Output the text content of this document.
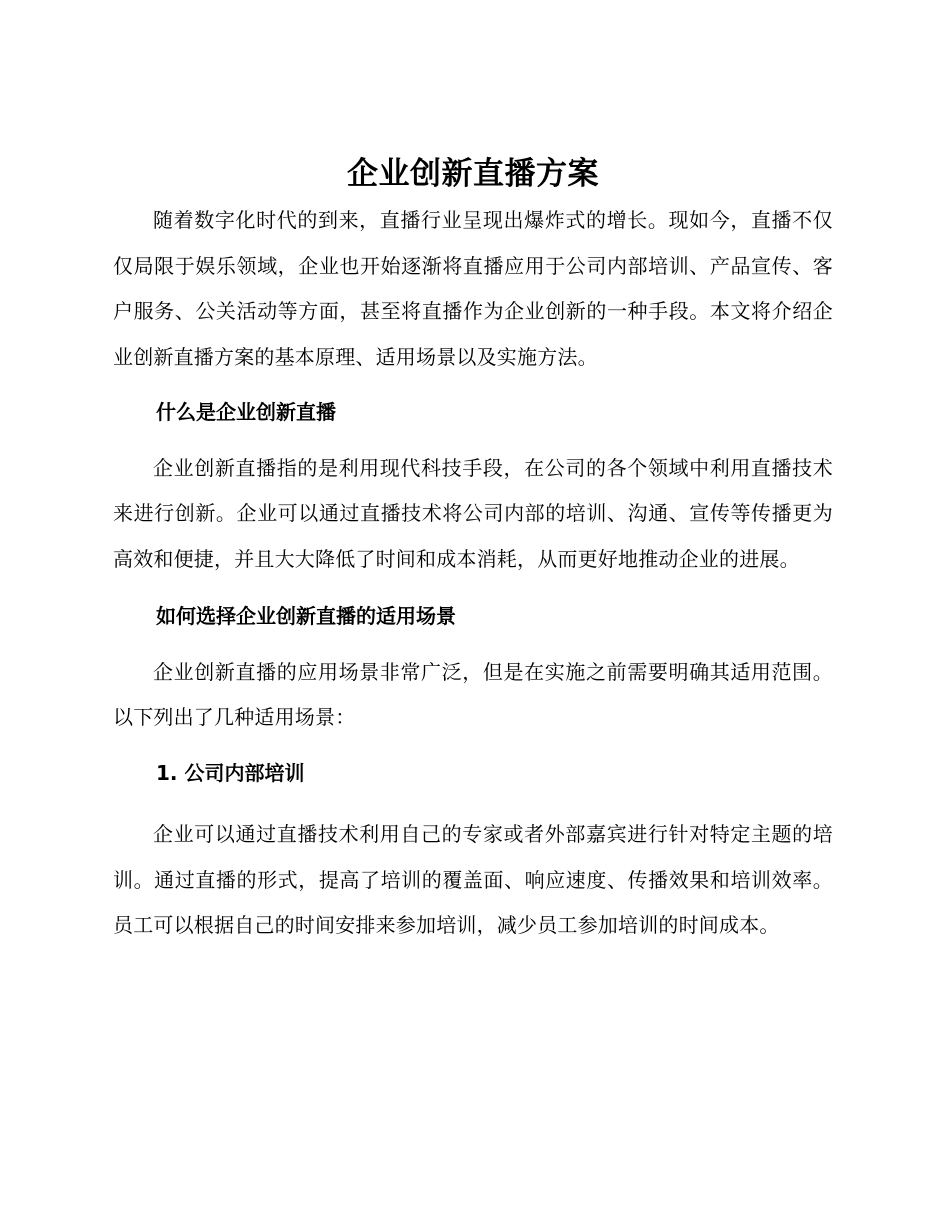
企业创新直播方案

随着数字化时代的到来，直播行业呈现出爆炸式的增长。现如今，直播不仅仅局限于娱乐领域，企业也开始逐渐将直播应用于公司内部培训、产品宣传、客户服务、公关活动等方面，甚至将直播作为企业创新的一种手段。本文将介绍企业创新直播方案的基本原理、适用场景以及实施方法。

什么是企业创新直播

企业创新直播指的是利用现代科技手段，在公司的各个领域中利用直播技术来进行创新。企业可以通过直播技术将公司内部的培训、沟通、宣传等传播更为高效和便捷，并且大大降低了时间和成本消耗，从而更好地推动企业的进展。

如何选择企业创新直播的适用场景

企业创新直播的应用场景非常广泛，但是在实施之前需要明确其适用范围。以下列出了几种适用场景：

1. 公司内部培训

企业可以通过直播技术利用自己的专家或者外部嘉宾进行针对特定主题的培训。通过直播的形式，提高了培训的覆盖面、响应速度、传播效果和培训效率。员工可以根据自己的时间安排来参加培训，减少员工参加培训的时间成本。
